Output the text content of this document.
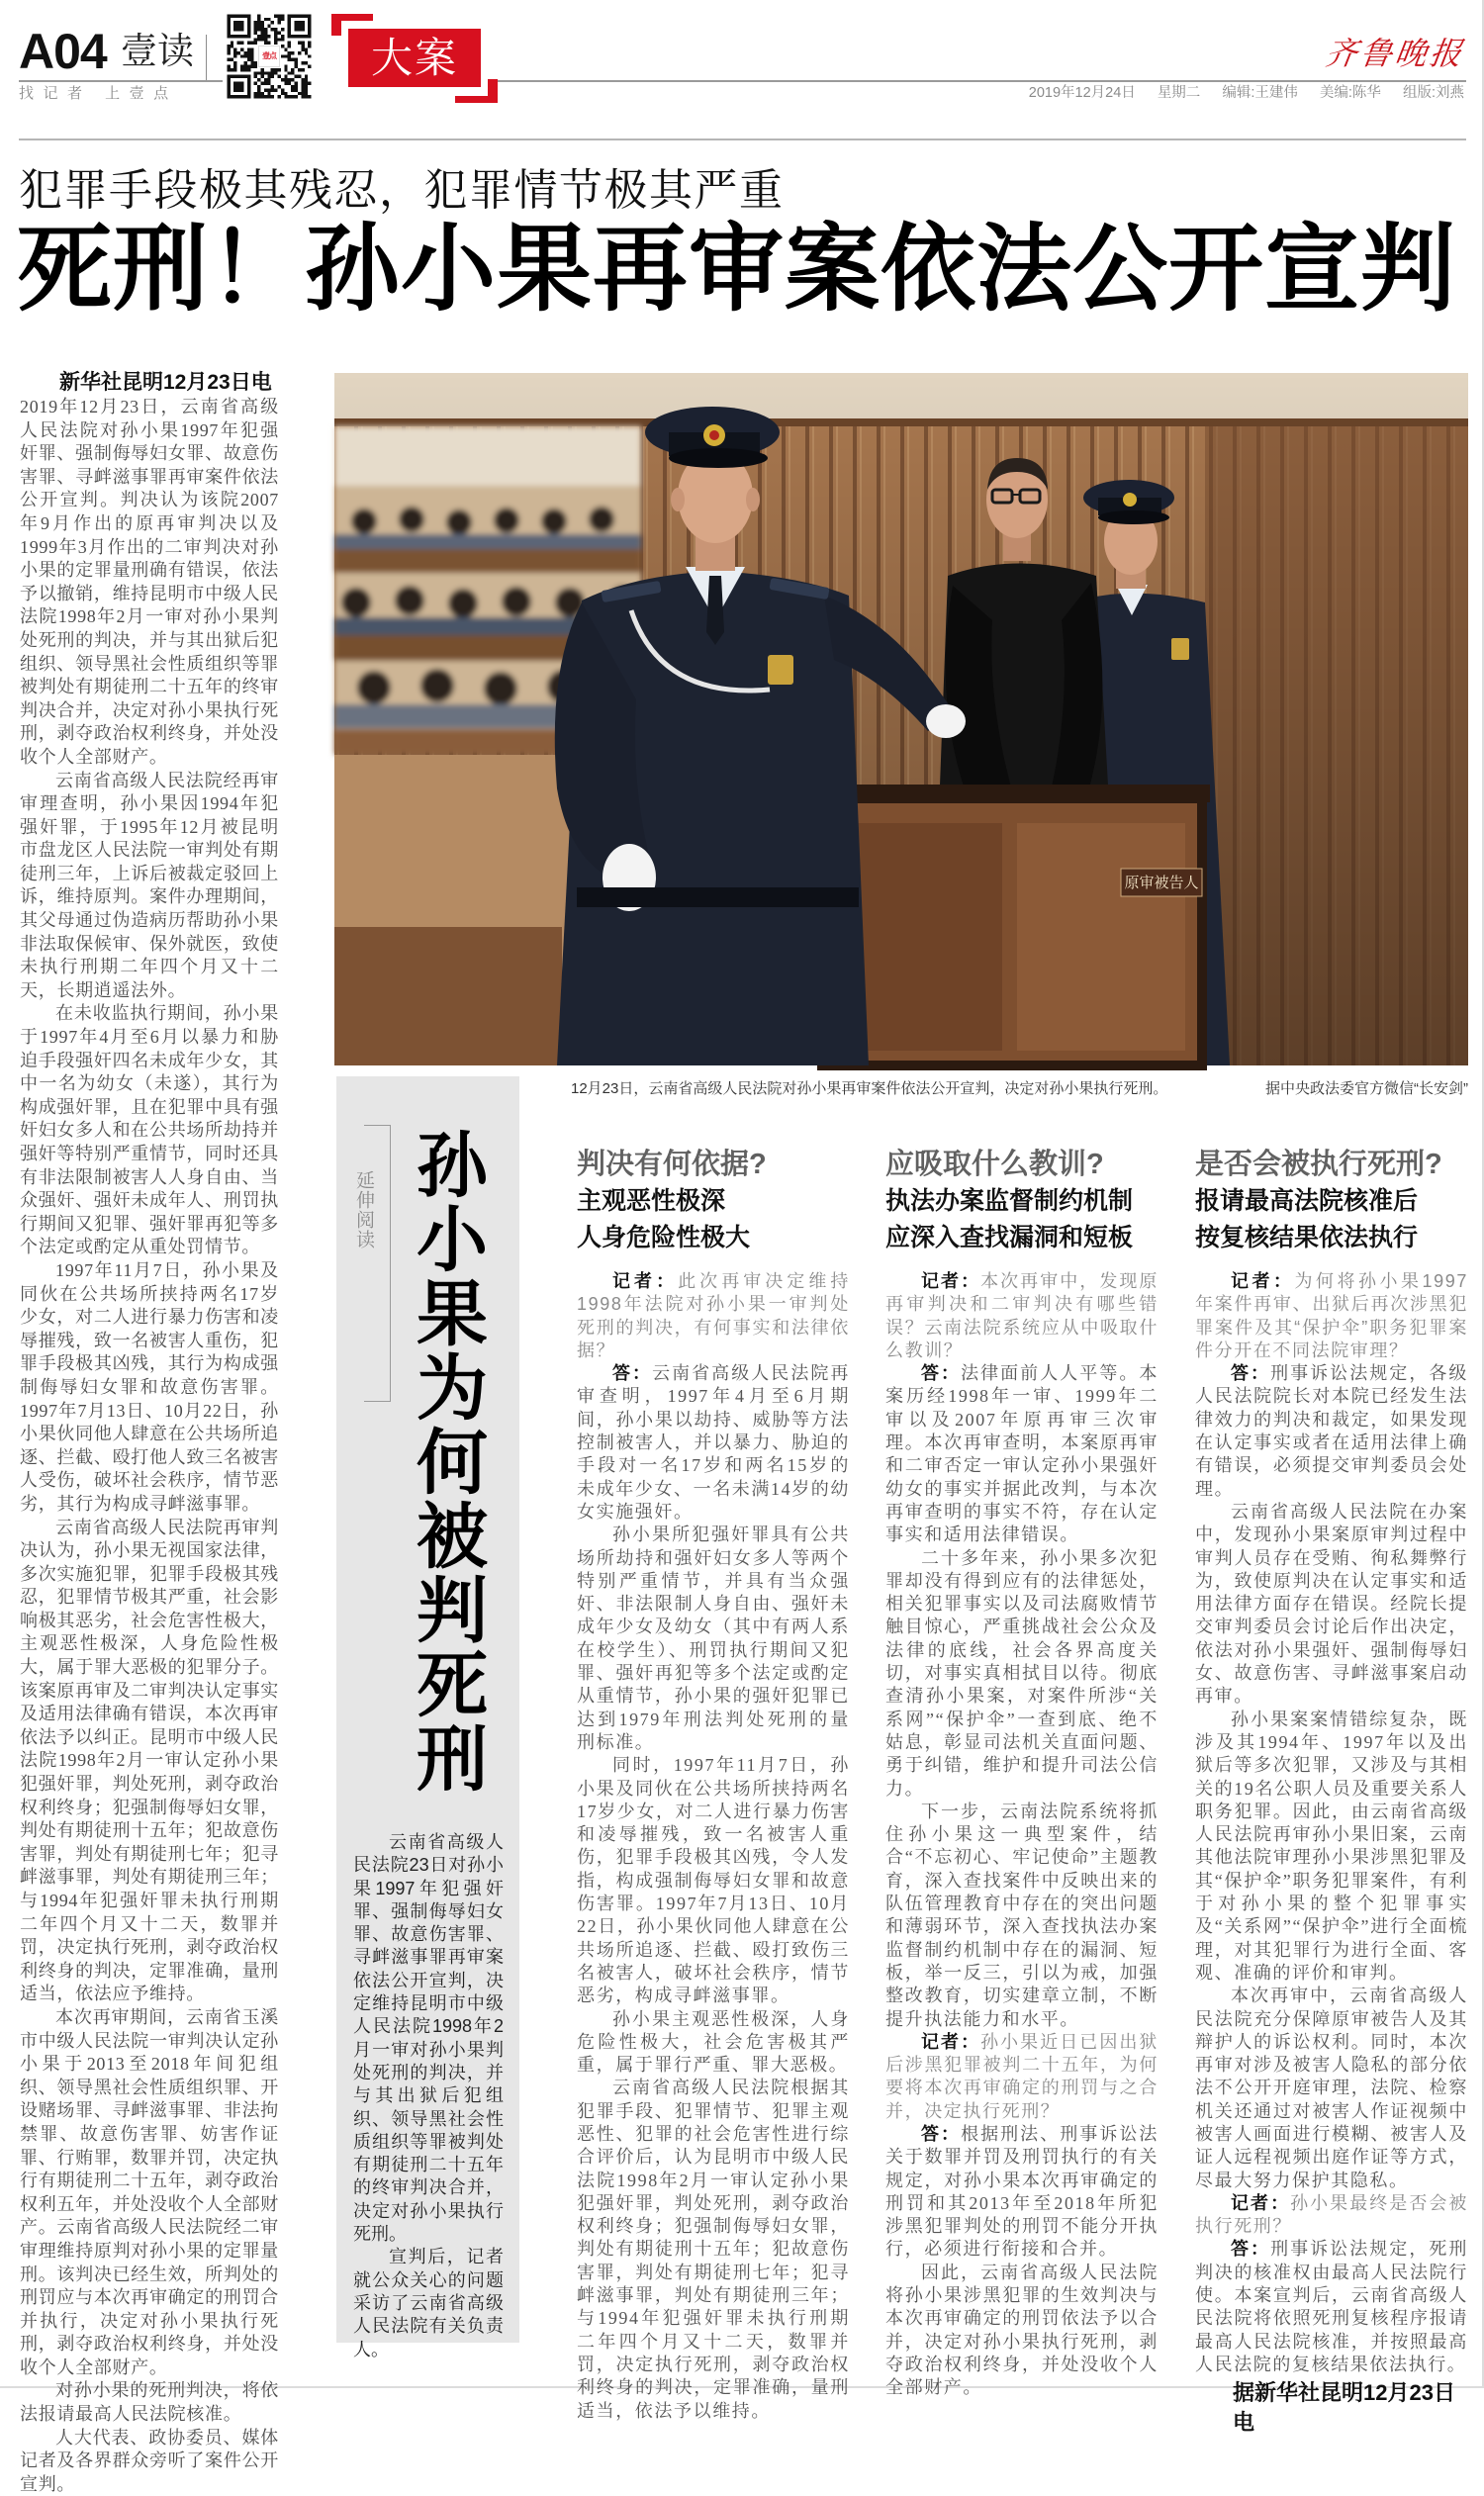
A04 壹读
找记者 上壹点
壹点	大案	齐鲁晚报
2019年12月24日 星期二 编辑:王建伟 美编:陈华 组版:刘燕
犯罪手段极其残忍，犯罪情节极其严重
死刑！孙小果再审案依法公开宣判

新华社昆明12月23日电

2019年12月23日，云南省高级人民法院对孙小果1997年犯强奸罪、强制侮辱妇女罪、故意伤害罪、寻衅滋事罪再审案件依法公开宣判。判决认为该院2007年9月作出的原再审判决以及1999年3月作出的二审判决对孙小果的定罪量刑确有错误，依法予以撤销，维持昆明市中级人民法院1998年2月一审对孙小果判处死刑的判决，并与其出狱后犯组织、领导黑社会性质组织等罪被判处有期徒刑二十五年的终审判决合并，决定对孙小果执行死刑，剥夺政治权利终身，并处没收个人全部财产。

云南省高级人民法院经再审审理查明，孙小果因1994年犯强奸罪，于1995年12月被昆明市盘龙区人民法院一审判处有期徒刑三年，上诉后被裁定驳回上诉，维持原判。案件办理期间，其父母通过伪造病历帮助孙小果非法取保候审、保外就医，致使未执行刑期二年四个月又十二天，长期逍遥法外。

在未收监执行期间，孙小果于1997年4月至6月以暴力和胁迫手段强奸四名未成年少女，其中一名为幼女（未遂），其行为构成强奸罪，且在犯罪中具有强奸妇女多人和在公共场所劫持并强奸等特别严重情节，同时还具有非法限制被害人人身自由、当众强奸、强奸未成年人、刑罚执行期间又犯罪、强奸罪再犯等多个法定或酌定从重处罚情节。

1997年11月7日，孙小果及同伙在公共场所挟持两名17岁少女，对二人进行暴力伤害和凌辱摧残，致一名被害人重伤，犯罪手段极其凶残，其行为构成强制侮辱妇女罪和故意伤害罪。1997年7月13日、10月22日，孙小果伙同他人肆意在公共场所追逐、拦截、殴打他人致三名被害人受伤，破坏社会秩序，情节恶劣，其行为构成寻衅滋事罪。

云南省高级人民法院再审判决认为，孙小果无视国家法律，多次实施犯罪，犯罪手段极其残忍，犯罪情节极其严重，社会影响极其恶劣，社会危害性极大，主观恶性极深，人身危险性极大，属于罪大恶极的犯罪分子。该案原再审及二审判决认定事实及适用法律确有错误，本次再审依法予以纠正。昆明市中级人民法院1998年2月一审认定孙小果犯强奸罪，判处死刑，剥夺政治权利终身；犯强制侮辱妇女罪，判处有期徒刑十五年；犯故意伤害罪，判处有期徒刑七年；犯寻衅滋事罪，判处有期徒刑三年；与1994年犯强奸罪未执行刑期二年四个月又十二天，数罪并罚，决定执行死刑，剥夺政治权利终身的判决，定罪准确，量刑适当，依法应予维持。

本次再审期间，云南省玉溪市中级人民法院一审判决认定孙小果于2013至2018年间犯组织、领导黑社会性质组织罪、开设赌场罪、寻衅滋事罪、非法拘禁罪、故意伤害罪、妨害作证罪、行贿罪，数罪并罚，决定执行有期徒刑二十五年，剥夺政治权利五年，并处没收个人全部财产。云南省高级人民法院经二审审理维持原判对孙小果的定罪量刑。该判决已经生效，所判处的刑罚应与本次再审确定的刑罚合并执行，决定对孙小果执行死刑，剥夺政治权利终身，并处没收个人全部财产。

对孙小果的死刑判决，将依法报请最高人民法院核准。

人大代表、政协委员、媒体记者及各界群众旁听了案件公开宣判。

原审被告人
12月23日，云南省高级人民法院对孙小果再审案件依法公开宣判，决定对孙小果执行死刑。	据中央政法委官方微信“长安剑”
延伸阅读 孙小果为何被判死刑

云南省高级人民法院23日对孙小果1997年犯强奸罪、强制侮辱妇女罪、故意伤害罪、寻衅滋事罪再审案依法公开宣判，决定维持昆明市中级人民法院1998年2月一审对孙小果判处死刑的判决，并与其出狱后犯组织、领导黑社会性质组织等罪被判处有期徒刑二十五年的终审判决合并，决定对孙小果执行死刑。

宣判后，记者就公众关心的问题采访了云南省高级人民法院有关负责人。

判决有何依据?

主观恶性极深

人身危险性极大

记者：此次再审决定维持1998年法院对孙小果一审判处死刑的判决，有何事实和法律依据？

答：云南省高级人民法院再审查明，1997年4月至6月期间，孙小果以劫持、威胁等方法控制被害人，并以暴力、胁迫的手段对一名17岁和两名15岁的未成年少女、一名未满14岁的幼女实施强奸。

孙小果所犯强奸罪具有公共场所劫持和强奸妇女多人等两个特别严重情节，并具有当众强奸、非法限制人身自由、强奸未成年少女及幼女（其中有两人系在校学生）、刑罚执行期间又犯罪、强奸再犯等多个法定或酌定从重情节，孙小果的强奸犯罪已达到1979年刑法判处死刑的量刑标准。

同时，1997年11月7日，孙小果及同伙在公共场所挟持两名17岁少女，对二人进行暴力伤害和凌辱摧残，致一名被害人重伤，犯罪手段极其凶残，令人发指，构成强制侮辱妇女罪和故意伤害罪。1997年7月13日、10月22日，孙小果伙同他人肆意在公共场所追逐、拦截、殴打致伤三名被害人，破坏社会秩序，情节恶劣，构成寻衅滋事罪。

孙小果主观恶性极深，人身危险性极大，社会危害极其严重，属于罪行严重、罪大恶极。

云南省高级人民法院根据其犯罪手段、犯罪情节、犯罪主观恶性、犯罪的社会危害性进行综合评价后，认为昆明市中级人民法院1998年2月一审认定孙小果犯强奸罪，判处死刑，剥夺政治权利终身；犯强制侮辱妇女罪，判处有期徒刑十五年；犯故意伤害罪，判处有期徒刑七年；犯寻衅滋事罪，判处有期徒刑三年；与1994年犯强奸罪未执行刑期二年四个月又十二天，数罪并罚，决定执行死刑，剥夺政治权利终身的判决，定罪准确，量刑适当，依法予以维持。

应吸取什么教训?

执法办案监督制约机制

应深入查找漏洞和短板

记者：本次再审中，发现原再审判决和二审判决有哪些错误？云南法院系统应从中吸取什么教训？

答：法律面前人人平等。本案历经1998年一审、1999年二审以及2007年原再审三次审理。本次再审查明，本案原再审和二审否定一审认定孙小果强奸幼女的事实并据此改判，与本次再审查明的事实不符，存在认定事实和适用法律错误。

二十多年来，孙小果多次犯罪却没有得到应有的法律惩处，相关犯罪事实以及司法腐败情节触目惊心，严重挑战社会公众及法律的底线，社会各界高度关切，对事实真相拭目以待。彻底查清孙小果案，对案件所涉“关系网”“保护伞”一查到底、绝不姑息，彰显司法机关直面问题、勇于纠错，维护和提升司法公信力。

下一步，云南法院系统将抓住孙小果这一典型案件，结合“不忘初心、牢记使命”主题教育，深入查找案件中反映出来的队伍管理教育中存在的突出问题和薄弱环节，深入查找执法办案监督制约机制中存在的漏洞、短板，举一反三，引以为戒，加强整改教育，切实建章立制，不断提升执法能力和水平。

记者：孙小果近日已因出狱后涉黑犯罪被判二十五年，为何要将本次再审确定的刑罚与之合并，决定执行死刑？

答：根据刑法、刑事诉讼法关于数罪并罚及刑罚执行的有关规定，对孙小果本次再审确定的刑罚和其2013年至2018年所犯涉黑犯罪判处的刑罚不能分开执行，必须进行衔接和合并。

因此，云南省高级人民法院将孙小果涉黑犯罪的生效判决与本次再审确定的刑罚依法予以合并，决定对孙小果执行死刑，剥夺政治权利终身，并处没收个人全部财产。

是否会被执行死刑?

报请最高法院核准后

按复核结果依法执行

记者：为何将孙小果1997年案件再审、出狱后再次涉黑犯罪案件及其“保护伞”职务犯罪案件分开在不同法院审理？

答：刑事诉讼法规定，各级人民法院院长对本院已经发生法律效力的判决和裁定，如果发现在认定事实或者在适用法律上确有错误，必须提交审判委员会处理。

云南省高级人民法院在办案中，发现孙小果案原审判过程中审判人员存在受贿、徇私舞弊行为，致使原判决在认定事实和适用法律方面存在错误。经院长提交审判委员会讨论后作出决定，依法对孙小果强奸、强制侮辱妇女、故意伤害、寻衅滋事案启动再审。

孙小果案案情错综复杂，既涉及其1994年、1997年以及出狱后等多次犯罪，又涉及与其相关的19名公职人员及重要关系人职务犯罪。因此，由云南省高级人民法院再审孙小果旧案，云南其他法院审理孙小果涉黑犯罪及其“保护伞”职务犯罪案件，有利于对孙小果的整个犯罪事实及“关系网”“保护伞”进行全面梳理，对其犯罪行为进行全面、客观、准确的评价和审判。

本次再审中，云南省高级人民法院充分保障原审被告人及其辩护人的诉讼权利。同时，本次再审对涉及被害人隐私的部分依法不公开开庭审理，法院、检察机关还通过对被害人作证视频中被害人画面进行模糊、被害人及证人远程视频出庭作证等方式，尽最大努力保护其隐私。

记者：孙小果最终是否会被执行死刑？

答：刑事诉讼法规定，死刑判决的核准权由最高人民法院行使。本案宣判后，云南省高级人民法院将依照死刑复核程序报请最高人民法院核准，并按照最高人民法院的复核结果依法执行。

据新华社昆明12月23日电
